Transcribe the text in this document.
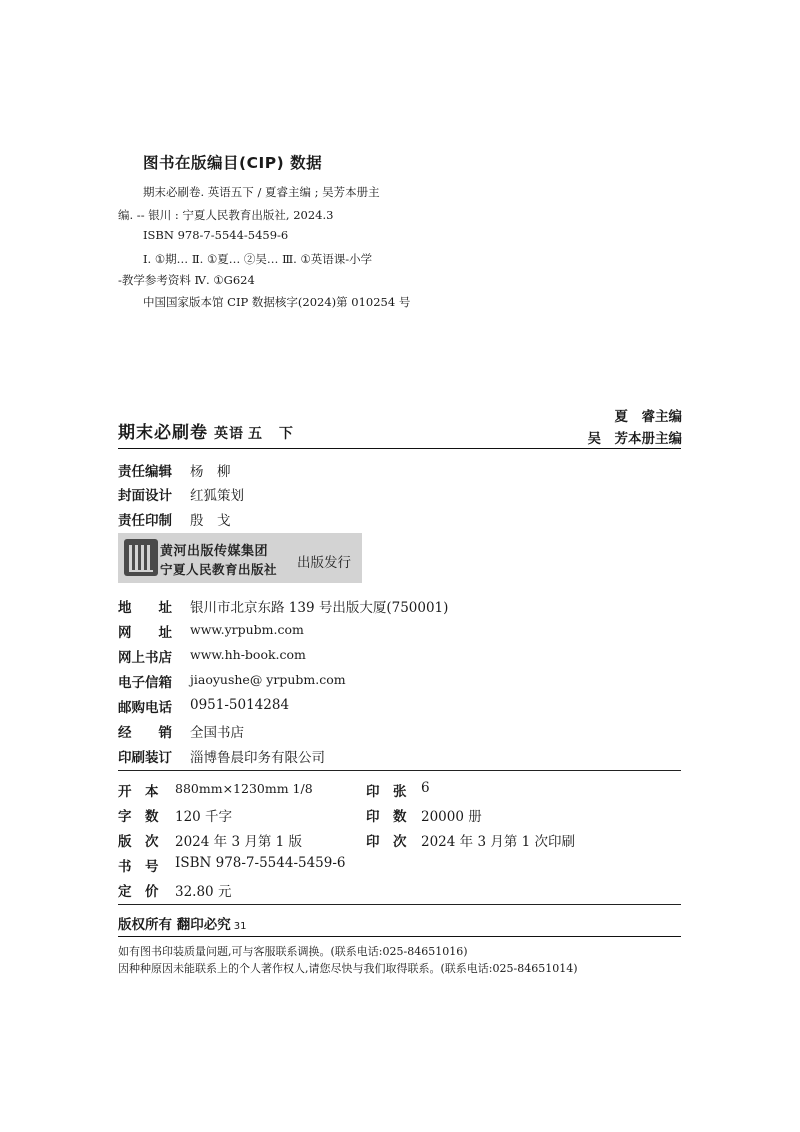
图书在版编目(CIP) 数据
期末必刷卷. 英语五下 / 夏睿主编 ; 吴芳本册主
编. -- 银川 : 宁夏人民教育出版社, 2024.3
ISBN 978-7-5544-5459-6
Ⅰ. ①期… Ⅱ. ①夏… ②吴… Ⅲ. ①英语课-小学
-教学参考资料 Ⅳ. ①G624
中国国家版本馆 CIP 数据核字(2024)第 010254 号
期末必刷卷 英语 五 下
夏　睿主编
吴　芳本册主编
责任编辑 杨　柳
封面设计 红狐策划
责任印制 殷　戈
黄河出版传媒集团
宁夏人民教育出版社 出版发行
地　　址 银川市北京东路 139 号出版大厦(750001)
网　　址 www.yrpubm.com
网上书店 www.hh-book.com
电子信箱 jiaoyushe@ yrpubm.com
邮购电话 0951-5014284
经　　销 全国书店
印刷装订 淄博鲁晨印务有限公司
开　本 880mm×1230mm 1/8
字　数 120 千字
版　次 2024 年 3 月第 1 版
书　号 ISBN 978-7-5544-5459-6
定　价 32.80 元
印　张 6
印　数 20000 册
印　次 2024 年 3 月第 1 次印刷
版权所有 翻印必究 31
如有图书印装质量问题,可与客服联系调换。(联系电话:025-84651016)
因种种原因未能联系上的个人著作权人,请您尽快与我们取得联系。(联系电话:025-84651014)
